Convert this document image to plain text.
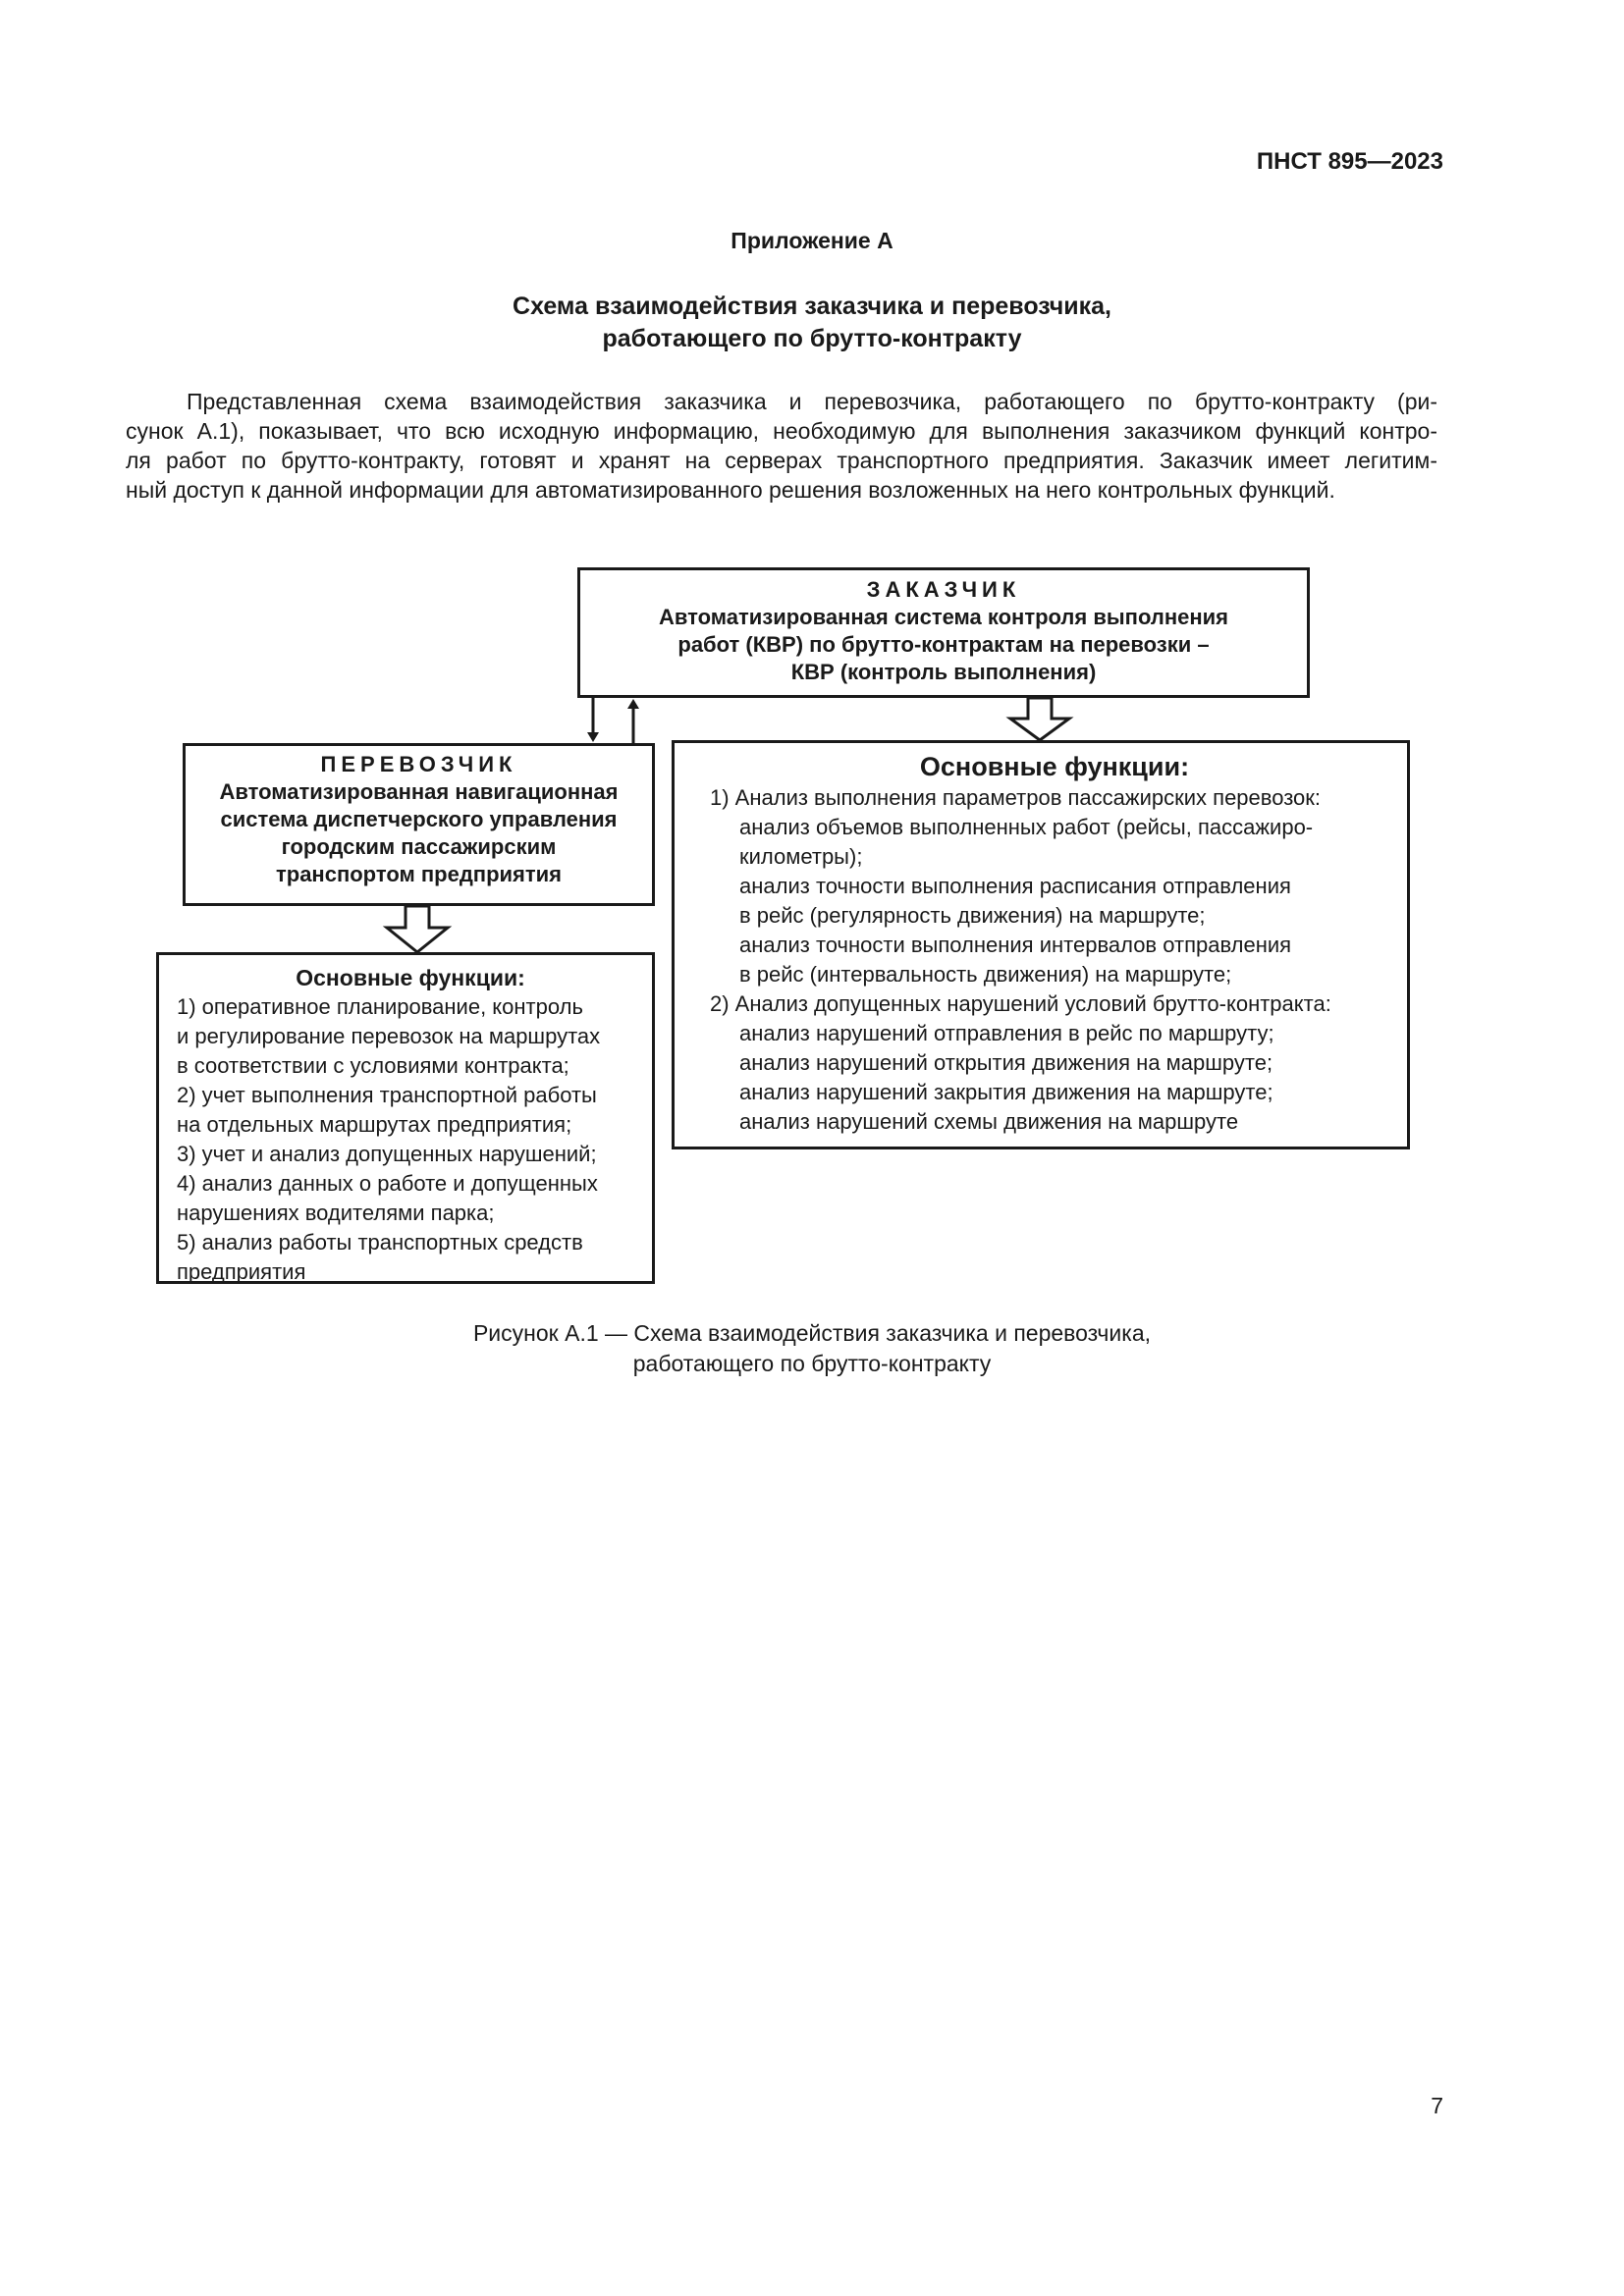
ПНСТ 895—2023
Приложение А
Схема взаимодействия заказчика и перевозчика,
работающего по брутто-контракту
Представленная схема взаимодействия заказчика и перевозчика, работающего по брутто-контракту (ри-
сунок А.1), показывает, что всю исходную информацию, необходимую для выполнения заказчиком функций контро-
ля работ по брутто-контракту, готовят и хранят на серверах транспортного предприятия. Заказчик имеет легитим-
ный доступ к данной информации для автоматизированного решения возложенных на него контрольных функций.
ЗАКАЗЧИК
Автоматизированная система контроля выполнения
работ (КВР) по брутто-контрактам на перевозки –
КВР (контроль выполнения)
ПЕРЕВОЗЧИК
Автоматизированная навигационная
система диспетчерского управления
городским пассажирским
транспортом предприятия
Основные функции:
1) Анализ выполнения параметров пассажирских перевозок:
анализ объемов выполненных работ (рейсы, пассажиро-
километры);
анализ точности выполнения расписания отправления
в рейс (регулярность движения) на маршруте;
анализ точности выполнения интервалов отправления
в рейс (интервальность движения) на маршруте;
2) Анализ допущенных нарушений условий брутто-контракта:
анализ нарушений отправления в рейс по маршруту;
анализ нарушений открытия движения на маршруте;
анализ нарушений закрытия движения на маршруте;
анализ нарушений схемы движения на маршруте
Основные функции:
1) оперативное планирование, контроль
и регулирование перевозок на маршрутах
в соответствии с условиями контракта;
2) учет выполнения транспортной работы
на отдельных маршрутах предприятия;
3) учет и анализ допущенных нарушений;
4) анализ данных о работе и допущенных
нарушениях водителями парка;
5) анализ работы транспортных средств
предприятия
Рисунок А.1 — Схема взаимодействия заказчика и перевозчика,
работающего по брутто-контракту
7
